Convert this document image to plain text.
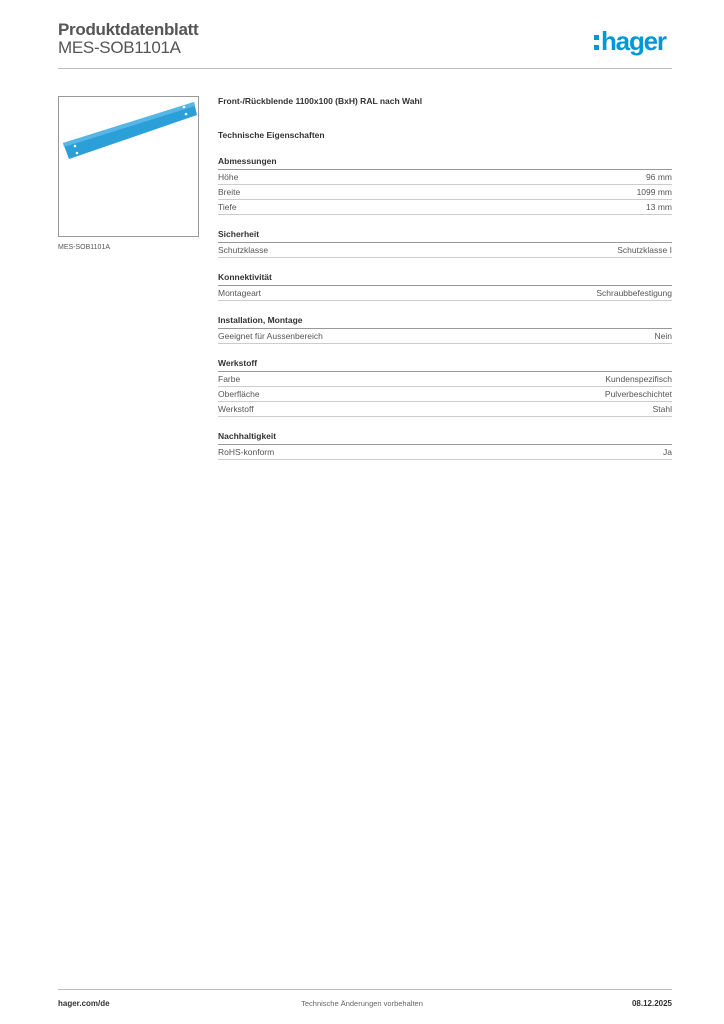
Produktdatenblatt
MES-SOB1101A	hager
MES-SOB1101A
Front-/Rückblende 1100x100 (BxH) RAL nach Wahl
Technische Eigenschaften
Abmessungen
Höhe	96 mm
Breite	1099 mm
Tiefe	13 mm
Sicherheit
Schutzklasse	Schutzklasse I
Konnektivität
Montageart	Schraubbefestigung
Installation, Montage
Geeignet für Aussenbereich	Nein
Werkstoff
Farbe	Kundenspezifisch
Oberfläche	Pulverbeschichtet
Werkstoff	Stahl
Nachhaltigkeit
RoHS-konform	Ja
Technische Änderungen vorbehalten
hager.com/de	08.12.2025
